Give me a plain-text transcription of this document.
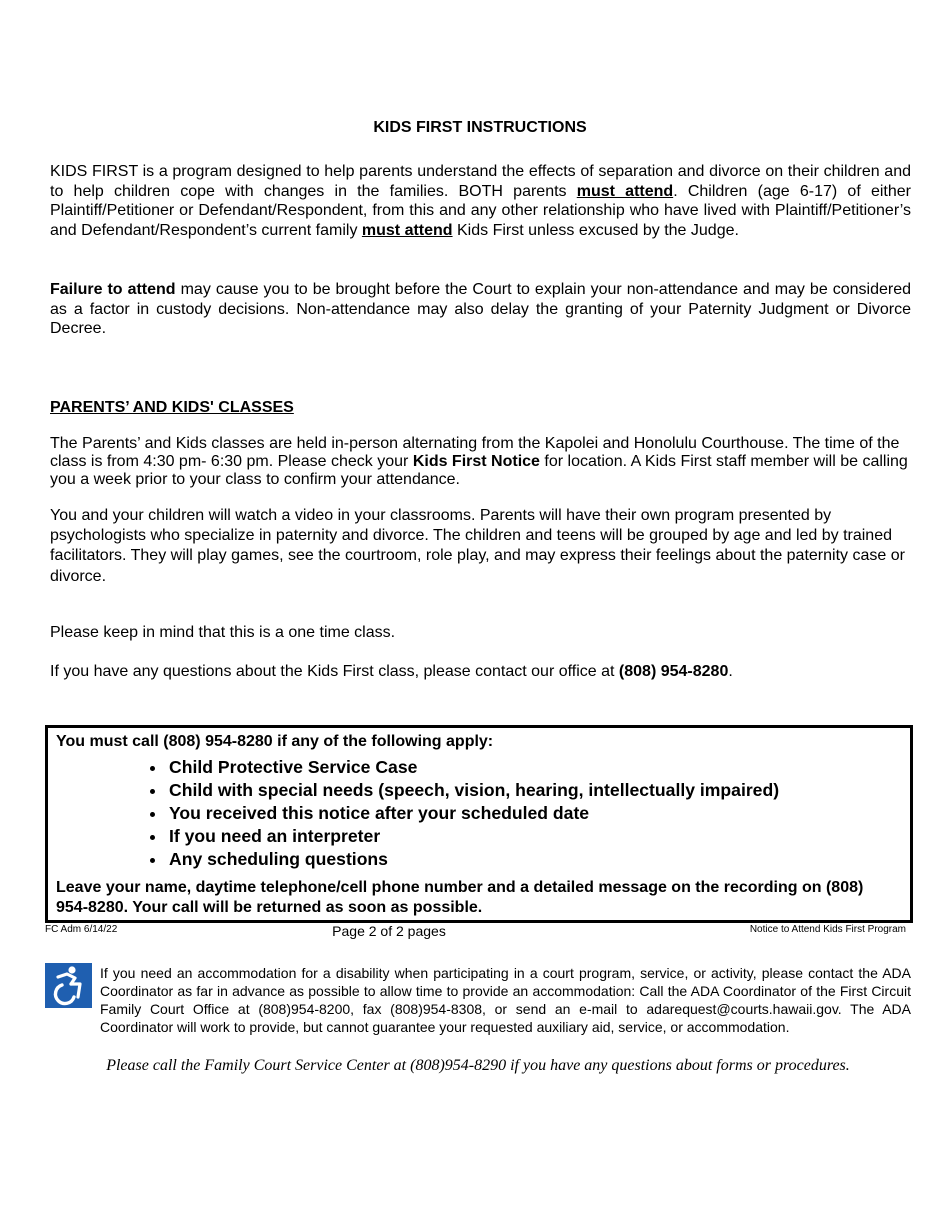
KIDS FIRST INSTRUCTIONS

KIDS FIRST is a program designed to help parents understand the effects of separation and divorce on their children and to help children cope with changes in the families. BOTH parents must attend. Children (age 6-17) of either Plaintiff/Petitioner or Defendant/Respondent, from this and any other relationship who have lived with Plaintiff/Petitioner’s and Defendant/Respondent’s current family must attend Kids First unless excused by the Judge.

Failure to attend may cause you to be brought before the Court to explain your non-attendance and may be considered as a factor in custody decisions. Non-attendance may also delay the granting of your Paternity Judgment or Divorce Decree.

PARENTS’ AND KIDS' CLASSES

The Parents’ and Kids classes are held in-person alternating from the Kapolei and Honolulu Courthouse. The time of the class is from 4:30 pm- 6:30 pm. Please check your Kids First Notice for location. A Kids First staff member will be calling you a week prior to your class to confirm your attendance.

You and your children will watch a video in your classrooms. Parents will have their own program presented by psychologists who specialize in paternity and divorce. The children and teens will be grouped by age and led by trained facilitators. They will play games, see the courtroom, role play, and may express their feelings about the paternity case or divorce.

Please keep in mind that this is a one time class.

If you have any questions about the Kids First class, please contact our office at (808) 954-8280.

You must call (808) 954-8280 if any of the following apply:
• Child Protective Service Case
• Child with special needs (speech, vision, hearing, intellectually impaired)
• You received this notice after your scheduled date
• If you need an interpreter
• Any scheduling questions
Leave your name, daytime telephone/cell phone number and a detailed message on the recording on (808) 954-8280. Your call will be returned as soon as possible.
FC Adm 6/14/22	Page 2 of 2 pages	Notice to Attend Kids First Program

If you need an accommodation for a disability when participating in a court program, service, or activity, please contact the ADA Coordinator as far in advance as possible to allow time to provide an accommodation: Call the ADA Coordinator of the First Circuit Family Court Office at (808)954-8200, fax (808)954-8308, or send an e-mail to adarequest@courts.hawaii.gov. The ADA Coordinator will work to provide, but cannot guarantee your requested auxiliary aid, service, or accommodation.

Please call the Family Court Service Center at (808)954-8290 if you have any questions about forms or procedures.
